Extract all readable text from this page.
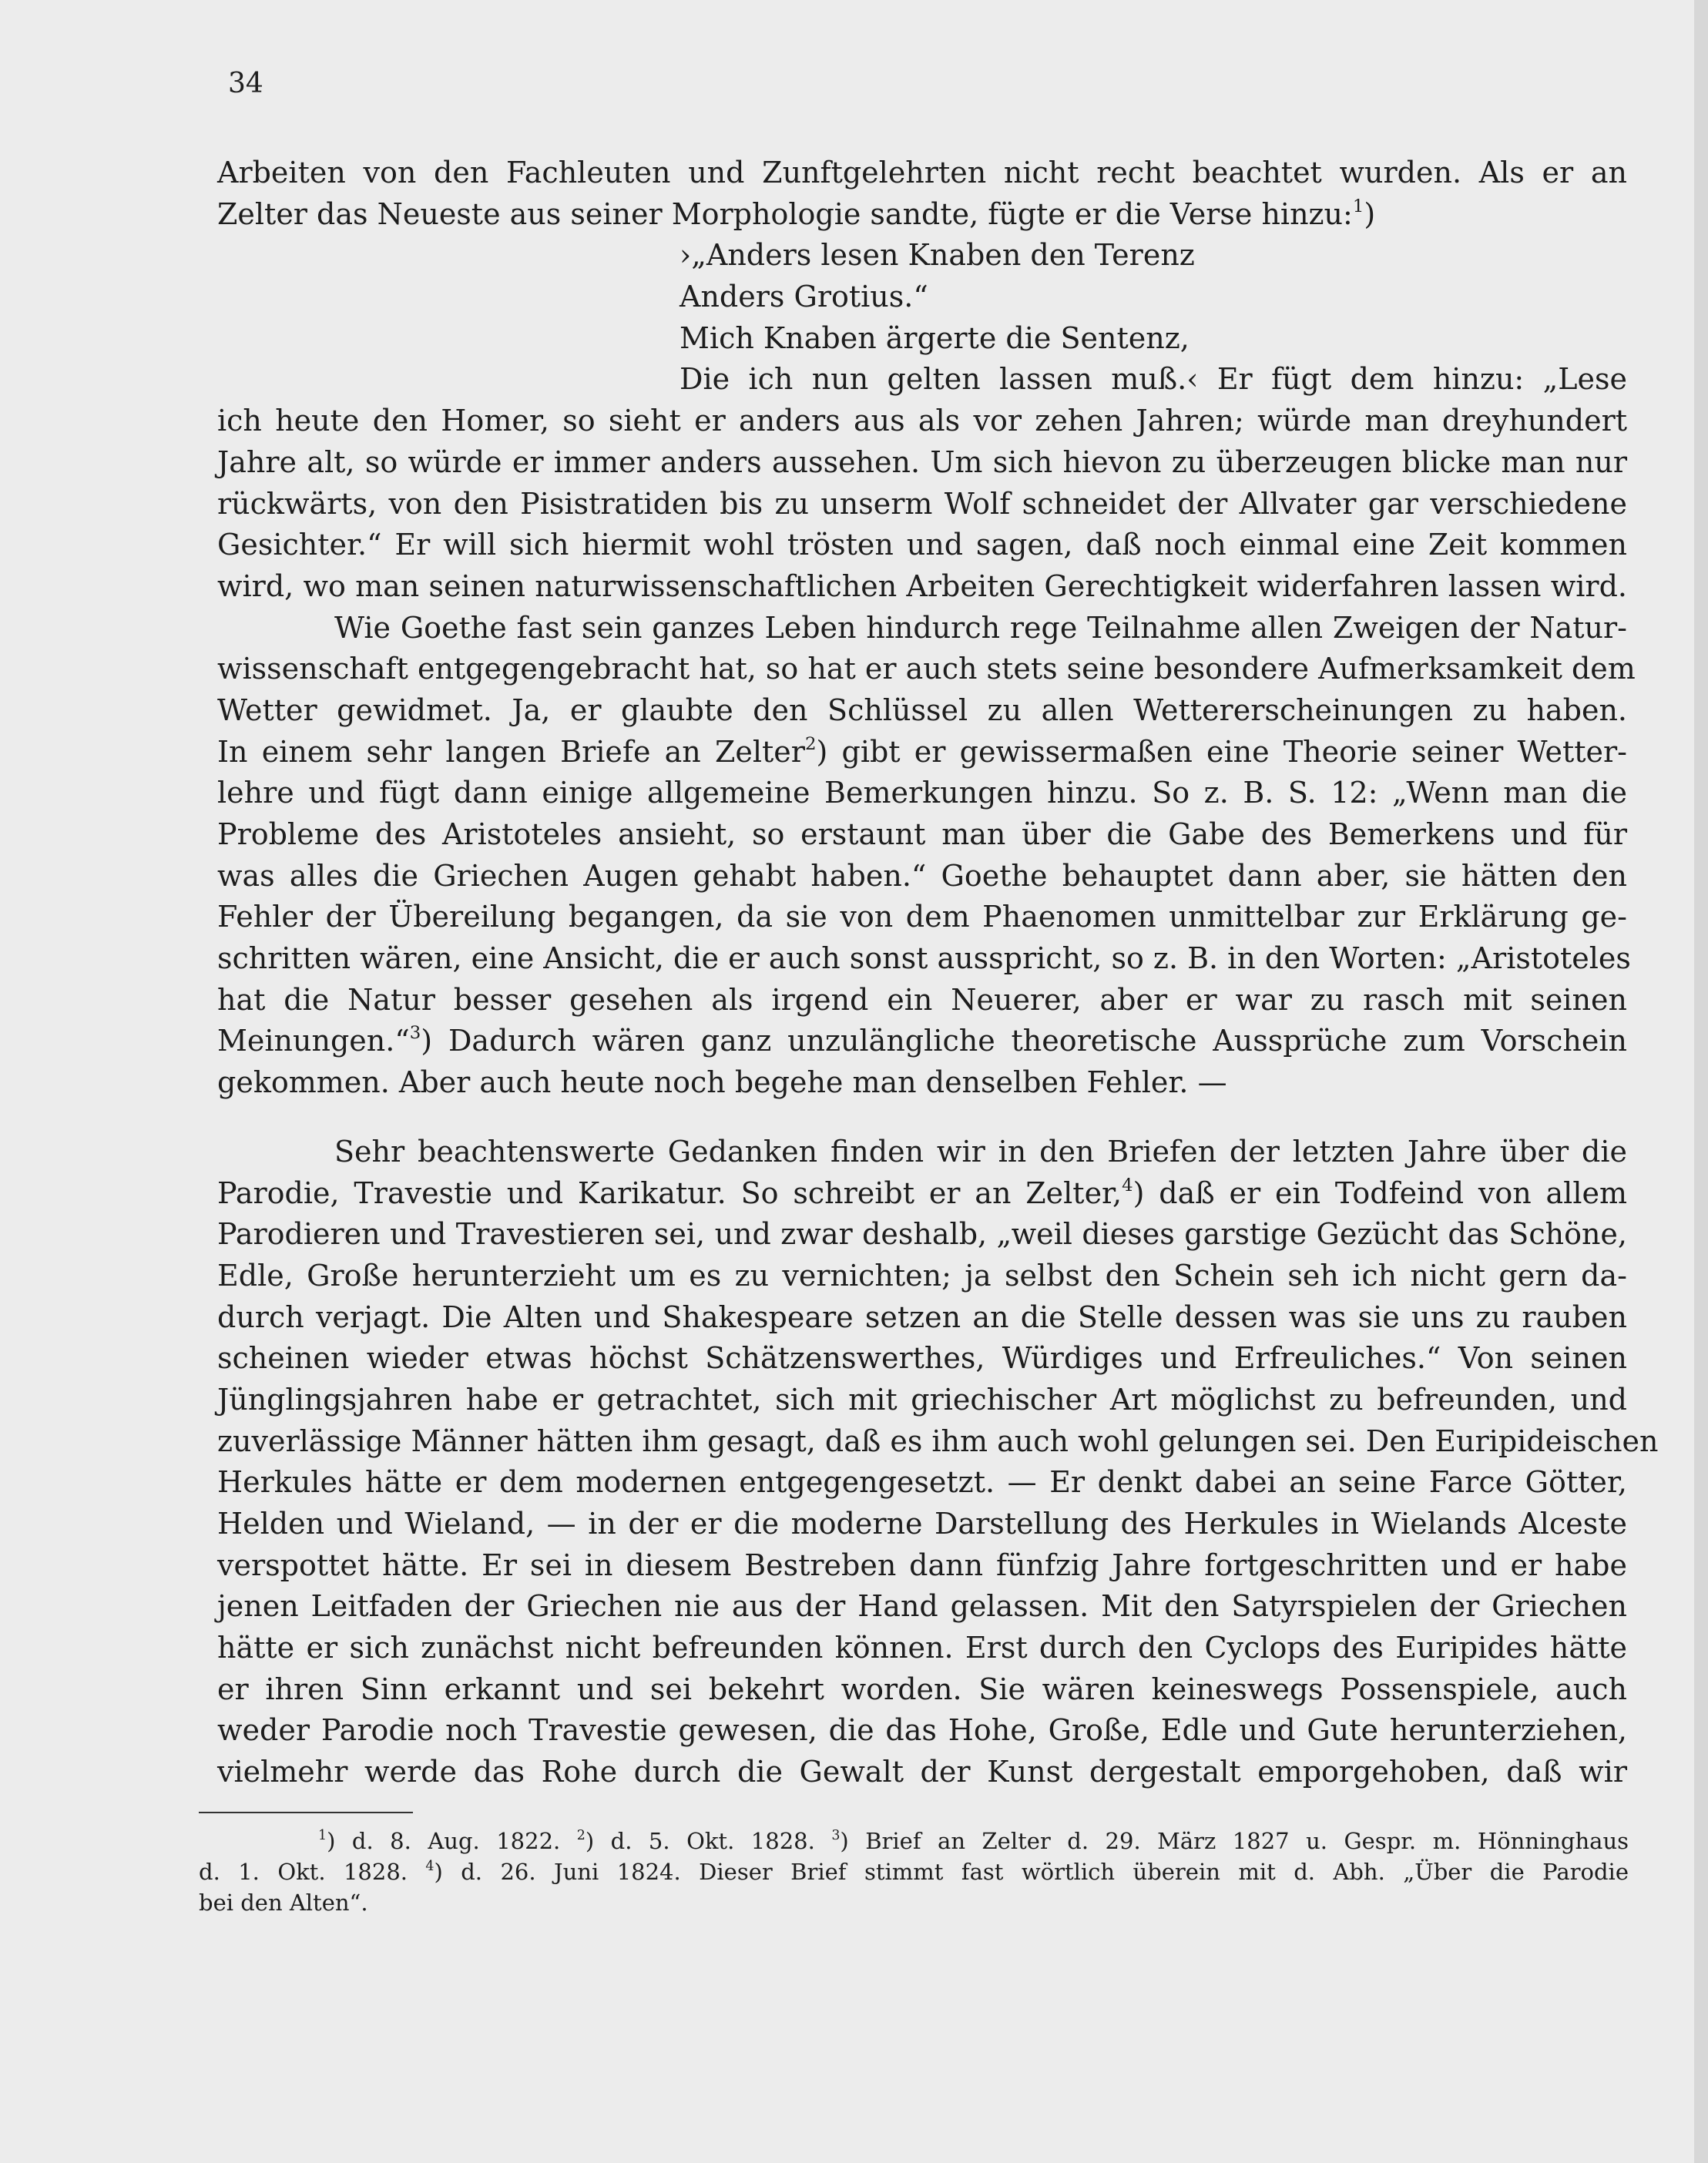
34
Arbeiten von den Fachleuten und Zunftgelehrten nicht recht beachtet wurden. Als er an
Zelter das Neueste aus seiner Morphologie sandte, fügte er die Verse hinzu:$^1$)
›„Anders lesen Knaben den Terenz
Anders Grotius.“
Mich Knaben ärgerte die Sentenz,
Die ich nun gelten lassen muß.‹ Er fügt dem hinzu: „Lese
ich heute den Homer, so sieht er anders aus als vor zehen Jahren; würde man dreyhundert
Jahre alt, so würde er immer anders aussehen. Um sich hievon zu überzeugen blicke man nur
rückwärts, von den Pisistratiden bis zu unserm Wolf schneidet der Allvater gar verschiedene
Gesichter.“ Er will sich hiermit wohl trösten und sagen, daß noch einmal eine Zeit kommen
wird, wo man seinen naturwissenschaftlichen Arbeiten Gerechtigkeit widerfahren lassen wird.
Wie Goethe fast sein ganzes Leben hindurch rege Teilnahme allen Zweigen der Natur-
wissenschaft entgegengebracht hat, so hat er auch stets seine besondere Aufmerksamkeit dem
Wetter gewidmet. Ja, er glaubte den Schlüssel zu allen Wettererscheinungen zu haben.
In einem sehr langen Briefe an Zelter$^2$) gibt er gewissermaßen eine Theorie seiner Wetter-
lehre und fügt dann einige allgemeine Bemerkungen hinzu. So z. B. S. 12: „Wenn man die
Probleme des Aristoteles ansieht, so erstaunt man über die Gabe des Bemerkens und für
was alles die Griechen Augen gehabt haben.“ Goethe behauptet dann aber, sie hätten den
Fehler der Übereilung begangen, da sie von dem Phaenomen unmittelbar zur Erklärung ge-
schritten wären, eine Ansicht, die er auch sonst ausspricht, so z. B. in den Worten: „Aristoteles
hat die Natur besser gesehen als irgend ein Neuerer, aber er war zu rasch mit seinen
Meinungen.“$^3$) Dadurch wären ganz unzulängliche theoretische Aussprüche zum Vorschein
gekommen. Aber auch heute noch begehe man denselben Fehler. —
Sehr beachtenswerte Gedanken finden wir in den Briefen der letzten Jahre über die
Parodie, Travestie und Karikatur. So schreibt er an Zelter,$^4$) daß er ein Todfeind von allem
Parodieren und Travestieren sei, und zwar deshalb, „weil dieses garstige Gezücht das Schöne,
Edle, Große herunterzieht um es zu vernichten; ja selbst den Schein seh ich nicht gern da-
durch verjagt. Die Alten und Shakespeare setzen an die Stelle dessen was sie uns zu rauben
scheinen wieder etwas höchst Schätzenswerthes, Würdiges und Erfreuliches.“ Von seinen
Jünglingsjahren habe er getrachtet, sich mit griechischer Art möglichst zu befreunden, und
zuverlässige Männer hätten ihm gesagt, daß es ihm auch wohl gelungen sei. Den Euripideischen
Herkules hätte er dem modernen entgegengesetzt. — Er denkt dabei an seine Farce Götter,
Helden und Wieland, — in der er die moderne Darstellung des Herkules in Wielands Alceste
verspottet hätte. Er sei in diesem Bestreben dann fünfzig Jahre fortgeschritten und er habe
jenen Leitfaden der Griechen nie aus der Hand gelassen. Mit den Satyrspielen der Griechen
hätte er sich zunächst nicht befreunden können. Erst durch den Cyclops des Euripides hätte
er ihren Sinn erkannt und sei bekehrt worden. Sie wären keineswegs Possenspiele, auch
weder Parodie noch Travestie gewesen, die das Hohe, Große, Edle und Gute herunterziehen,
vielmehr werde das Rohe durch die Gewalt der Kunst dergestalt emporgehoben, daß wir
$^1$) d. 8. Aug. 1822. $^2$) d. 5. Okt. 1828. $^3$) Brief an Zelter d. 29. März 1827 u. Gespr. m. Hönninghaus
d. 1. Okt. 1828. $^4$) d. 26. Juni 1824. Dieser Brief stimmt fast wörtlich überein mit d. Abh. „Über die Parodie
bei den Alten“.
